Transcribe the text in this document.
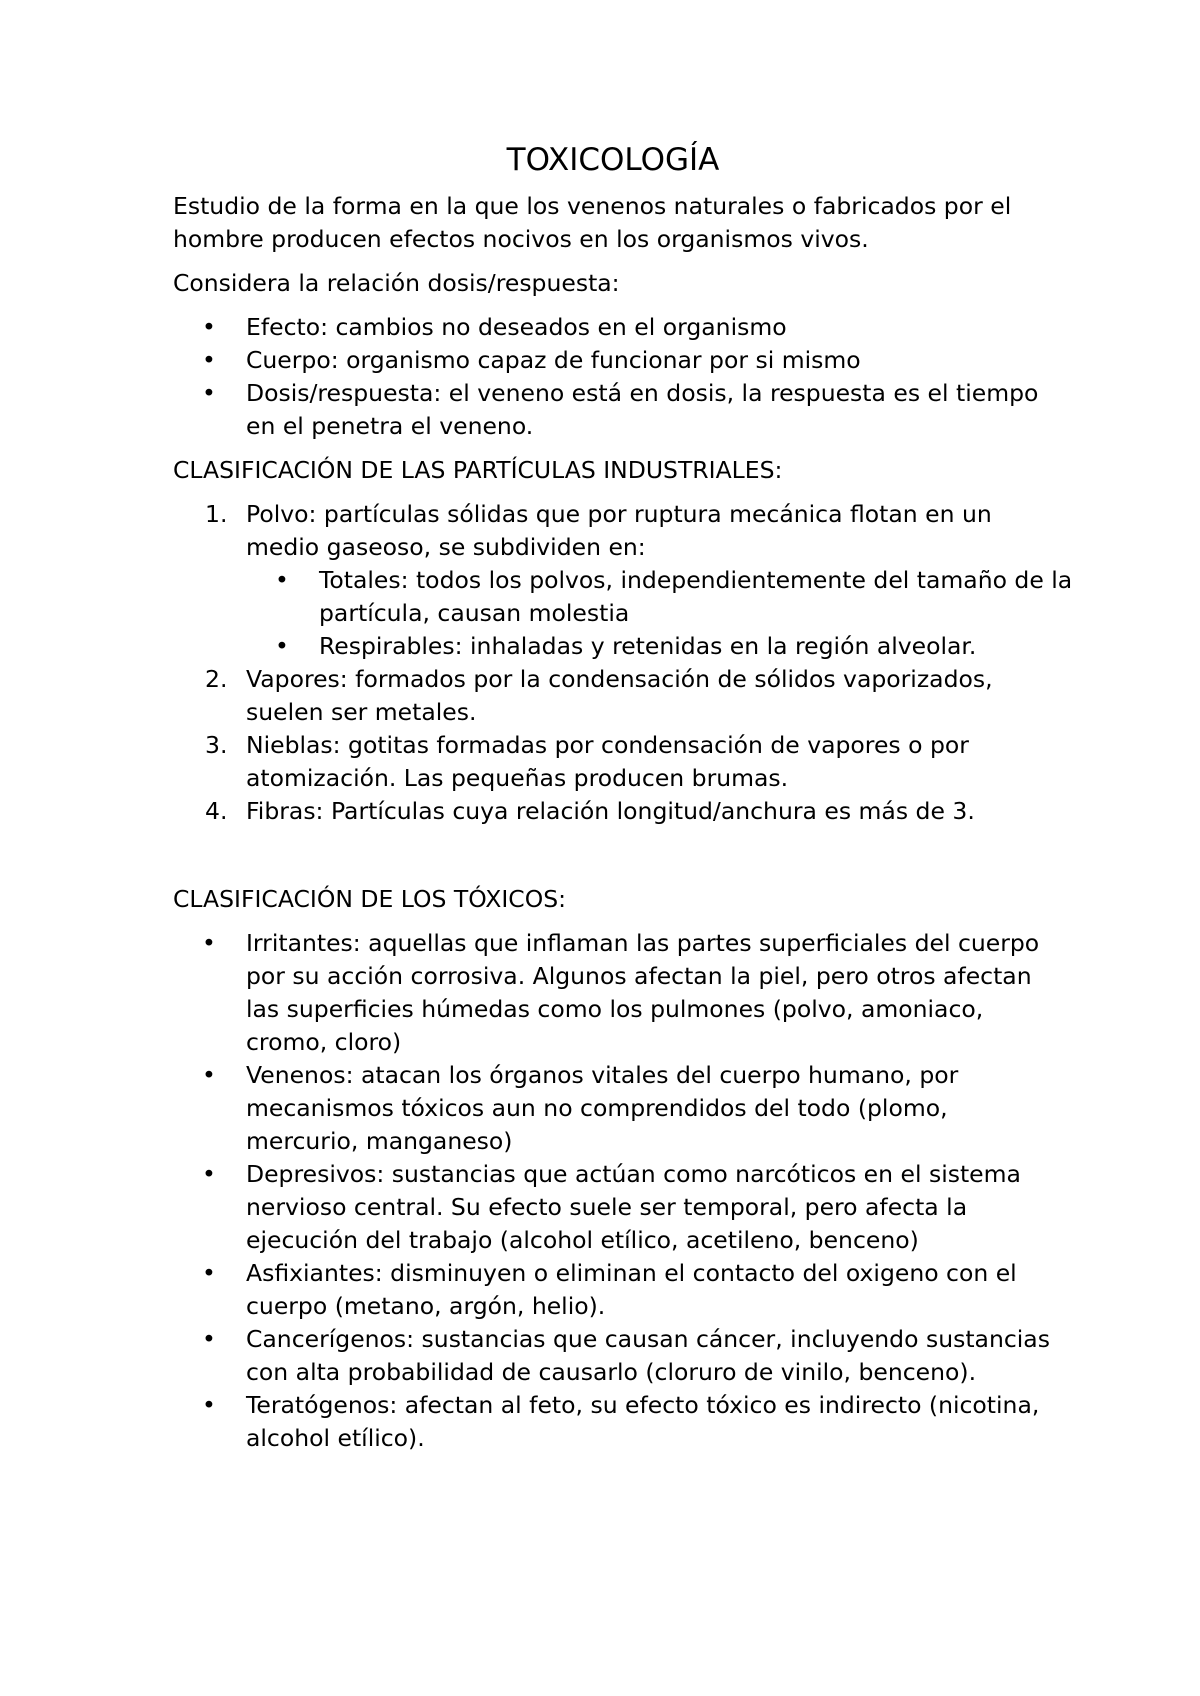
TOXICOLOGÍA

Estudio de la forma en la que los venenos naturales o fabricados por el hombre producen efectos nocivos en los organismos vivos.

Considera la relación dosis/respuesta:

• Efecto: cambios no deseados en el organismo
• Cuerpo: organismo capaz de funcionar por si mismo
• Dosis/respuesta: el veneno está en dosis, la respuesta es el tiempo en el penetra el veneno.

CLASIFICACIÓN DE LAS PARTÍCULAS INDUSTRIALES:

1. Polvo: partículas sólidas que por ruptura mecánica flotan en un medio gaseoso, se subdividen en:
• Totales: todos los polvos, independientemente del tamaño de la partícula, causan molestia
• Respirables: inhaladas y retenidas en la región alveolar.
2. Vapores: formados por la condensación de sólidos vaporizados, suelen ser metales.
3. Nieblas: gotitas formadas por condensación de vapores o por atomización. Las pequeñas producen brumas.
4. Fibras: Partículas cuya relación longitud/anchura es más de 3.

CLASIFICACIÓN DE LOS TÓXICOS:

• Irritantes: aquellas que inflaman las partes superficiales del cuerpo por su acción corrosiva. Algunos afectan la piel, pero otros afectan las superficies húmedas como los pulmones (polvo, amoniaco, cromo, cloro)
• Venenos: atacan los órganos vitales del cuerpo humano, por mecanismos tóxicos aun no comprendidos del todo (plomo, mercurio, manganeso)
• Depresivos: sustancias que actúan como narcóticos en el sistema nervioso central. Su efecto suele ser temporal, pero afecta la ejecución del trabajo (alcohol etílico, acetileno, benceno)
• Asfixiantes: disminuyen o eliminan el contacto del oxigeno con el cuerpo (metano, argón, helio).
• Cancerígenos: sustancias que causan cáncer, incluyendo sustancias con alta probabilidad de causarlo (cloruro de vinilo, benceno).
• Teratógenos: afectan al feto, su efecto tóxico es indirecto (nicotina, alcohol etílico).
